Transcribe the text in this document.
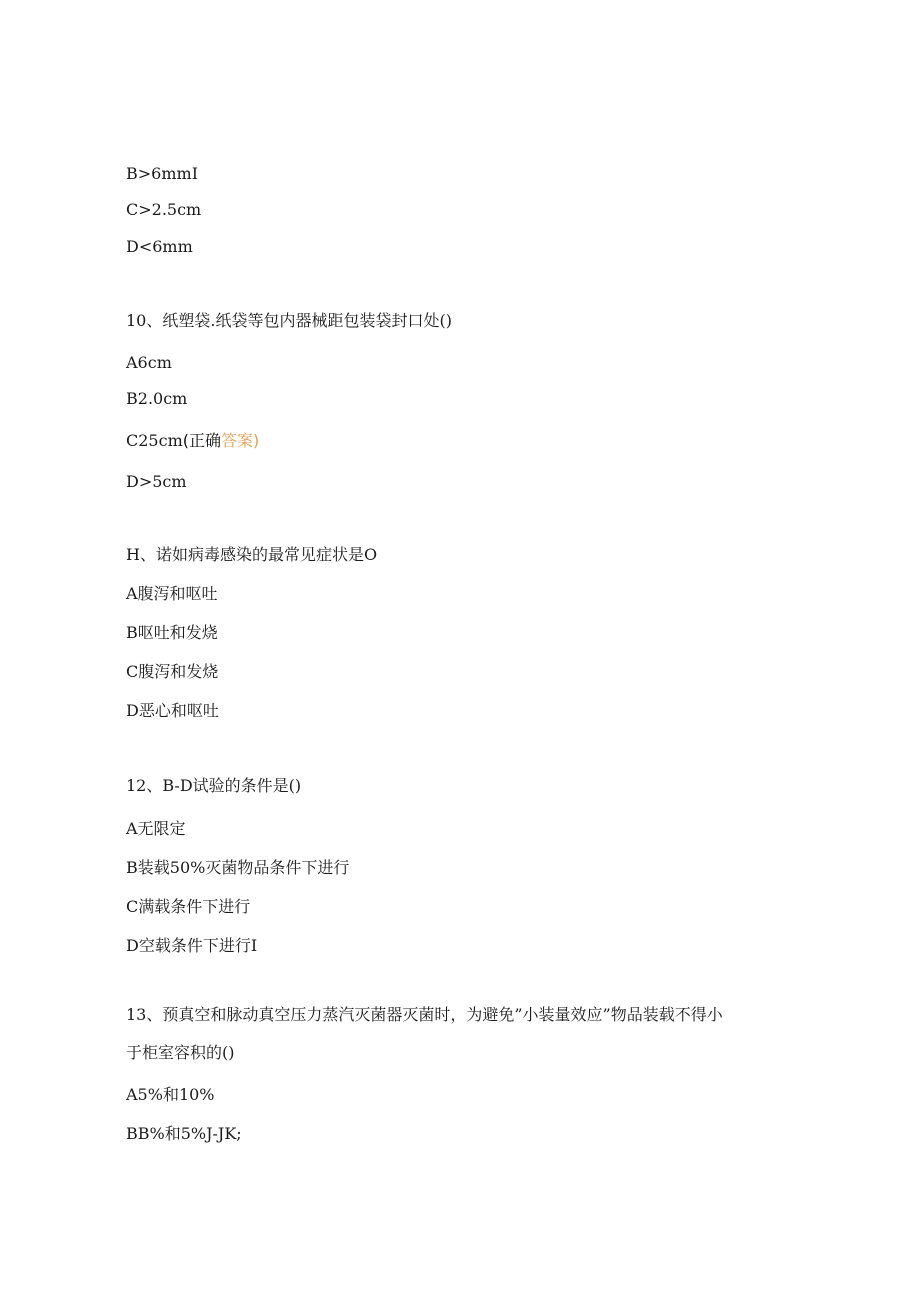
B>6mmI
C>2.5cm
D<6mm
10、纸塑袋.纸袋等包内器械距包装袋封口处()
A6cm
B2.0cm
C25cm(正确答案)
D>5cm
H、诺如病毒感染的最常见症状是O
A腹泻和呕吐
B呕吐和发烧
C腹泻和发烧
D恶心和呕吐
12、B-D试验的条件是()
A无限定
B装载50%灭菌物品条件下进行
C满载条件下进行
D空载条件下进行I
13、预真空和脉动真空压力蒸汽灭菌器灭菌时，为避免”小装量效应”物品装载不得小
于柜室容积的()
A5%和10%
BB%和5%J-JK;
